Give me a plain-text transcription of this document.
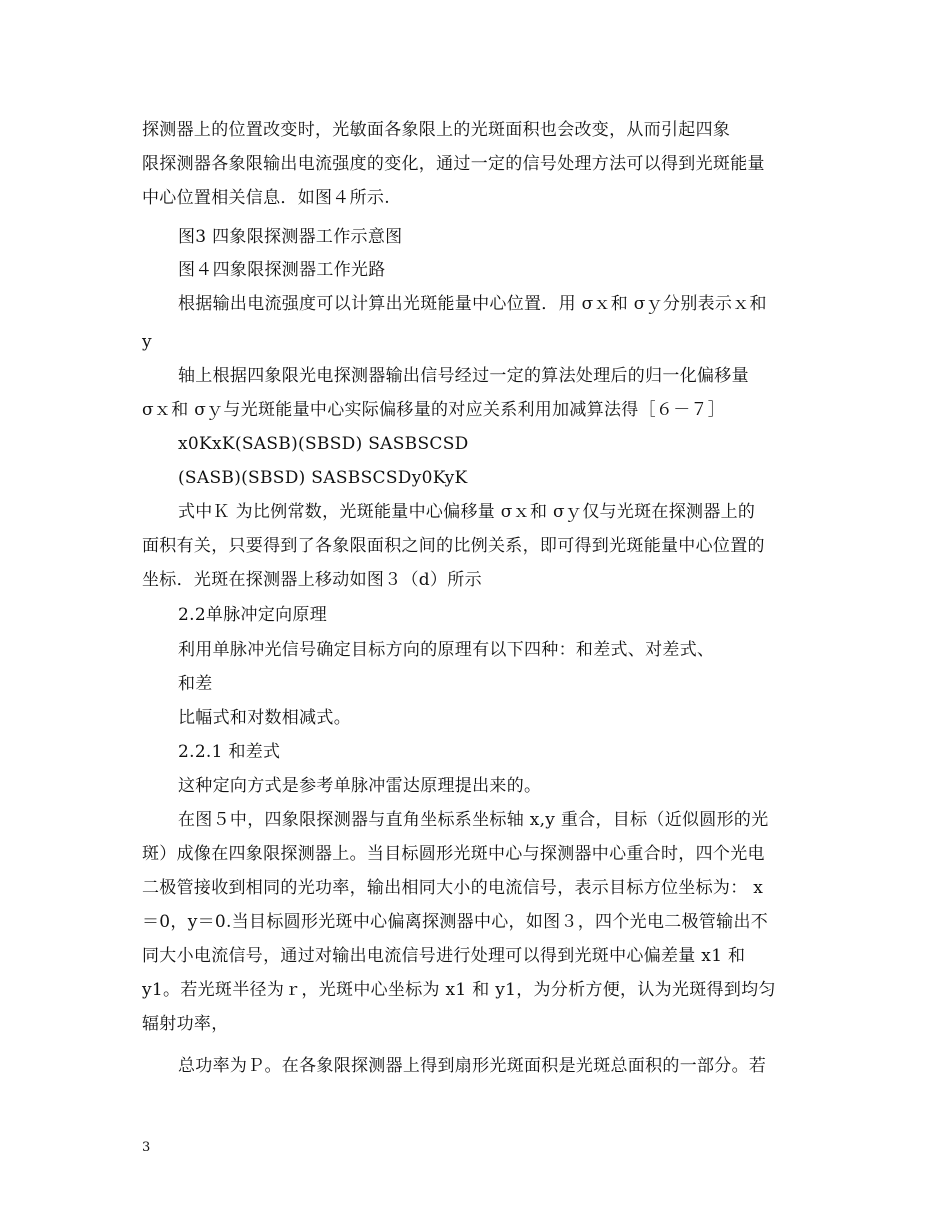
探测器上的位置改变时，光敏面各象限上的光斑面积也会改变，从而引起四象
限探测器各象限输出电流强度的变化，通过一定的信号处理方法可以得到光斑能量
中心位置相关信息．如图４所示.
图3 四象限探测器工作示意图
图４四象限探测器工作光路
根据输出电流强度可以计算出光斑能量中心位置．用 σｘ和 σｙ分别表示ｘ和
y
轴上根据四象限光电探测器输出信号经过一定的算法处理后的归一化偏移量
σｘ和 σｙ与光斑能量中心实际偏移量的对应关系利用加减算法得［６－７］
x0KxK(SASB)(SBSD) SASBSCSD
(SASB)(SBSD) SASBSCSDy0KyK
式中Ｋ 为比例常数，光斑能量中心偏移量 σｘ和 σｙ仅与光斑在探测器上的
面积有关，只要得到了各象限面积之间的比例关系，即可得到光斑能量中心位置的
坐标．光斑在探测器上移动如图３（d）所示
2.2单脉冲定向原理
利用单脉冲光信号确定目标方向的原理有以下四种：和差式、对差式、
和差
比幅式和对数相减式。
2.2.1 和差式
这种定向方式是参考单脉冲雷达原理提出来的。
在图５中，四象限探测器与直角坐标系坐标轴 x,y 重合，目标（近似圆形的光
斑）成像在四象限探测器上。当目标圆形光斑中心与探测器中心重合时，四个光电
二极管接收到相同的光功率，输出相同大小的电流信号，表示目标方位坐标为： x
＝0，y＝0.当目标圆形光斑中心偏离探测器中心，如图３，四个光电二极管输出不
同大小电流信号，通过对输出电流信号进行处理可以得到光斑中心偏差量 x1 和
y1。若光斑半径为ｒ，光斑中心坐标为 x1 和 y1，为分析方便，认为光斑得到均匀
辐射功率，
总功率为Ｐ。在各象限探测器上得到扇形光斑面积是光斑总面积的一部分。若
3
